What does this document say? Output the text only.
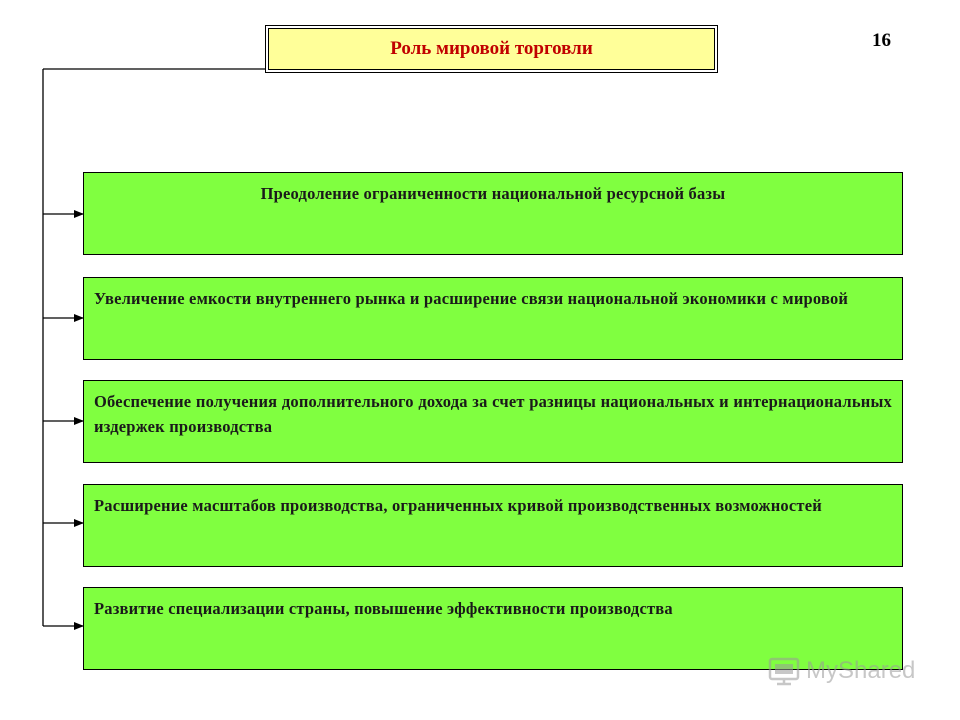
Роль мировой торговли	16
Преодоление ограниченности национальной ресурсной базы
Увеличение емкости внутреннего рынка и расширение связи национальной экономики с мировой
Обеспечение получения дополнительного дохода за счет разницы национальных и интернациональных издержек производства
Расширение масштабов производства, ограниченных кривой производственных возможностей
Развитие специализации страны, повышение эффективности производства
MyShared
